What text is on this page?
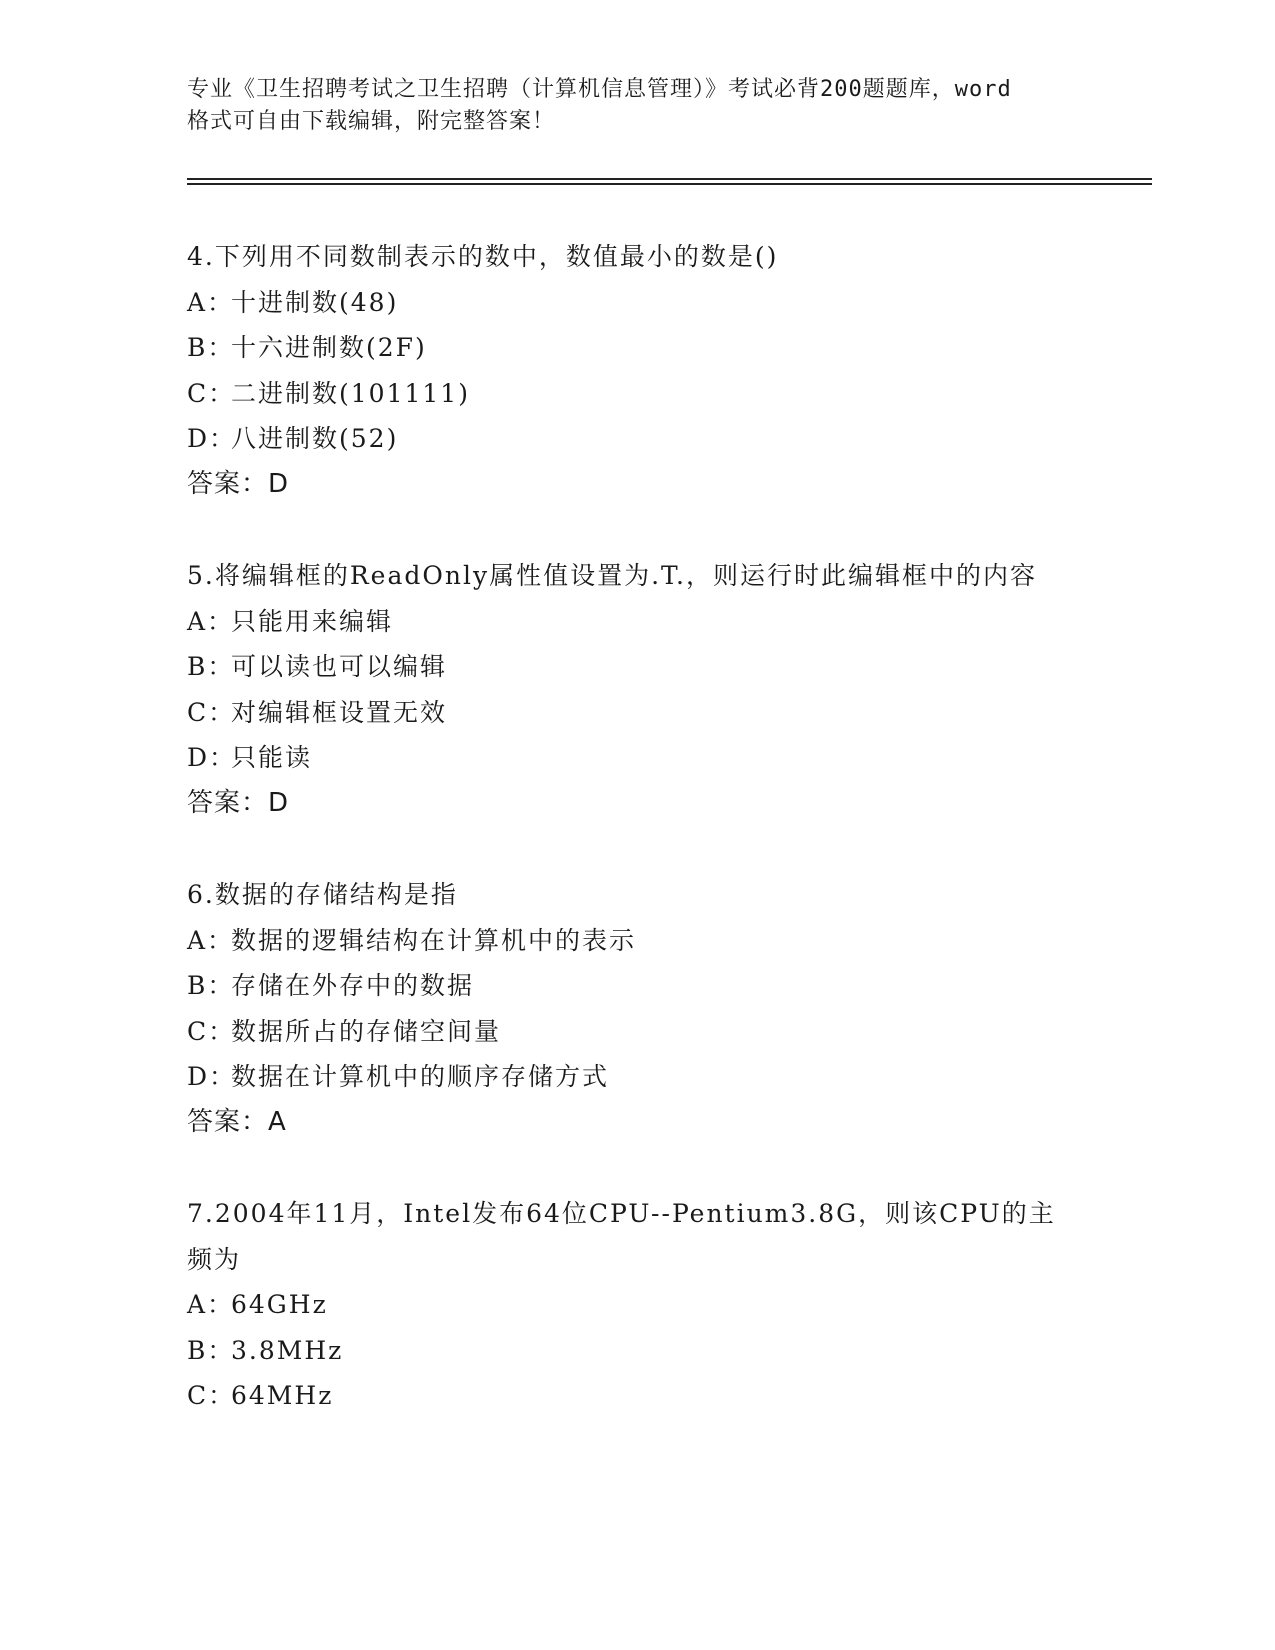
专业《卫生招聘考试之卫生招聘（计算机信息管理）》考试必背200题题库，word
格式可自由下载编辑，附完整答案！
4.下列用不同数制表示的数中，数值最小的数是()
A：十进制数(48)
B：十六进制数(2F)
C：二进制数(101111)
D：八进制数(52)
答案：D
5.将编辑框的ReadOnly属性值设置为.T.，则运行时此编辑框中的内容
A：只能用来编辑
B：可以读也可以编辑
C：对编辑框设置无效
D：只能读
答案：D
6.数据的存储结构是指
A：数据的逻辑结构在计算机中的表示
B：存储在外存中的数据
C：数据所占的存储空间量
D：数据在计算机中的顺序存储方式
答案：A
7.2004年11月，Intel发布64位CPU--Pentium3.8G，则该CPU的主频为
A：64GHz
B：3.8MHz
C：64MHz
